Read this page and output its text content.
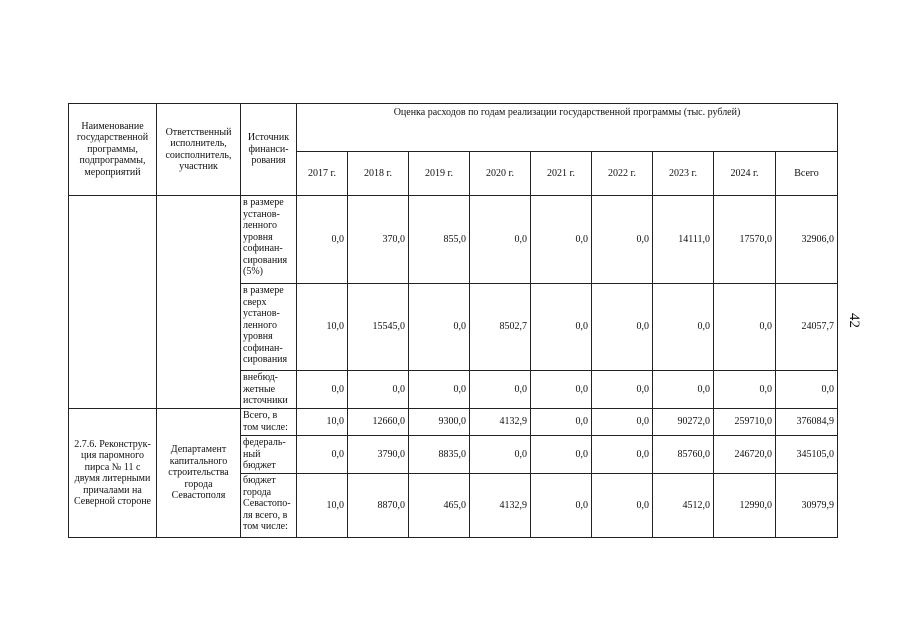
42
Наименование государственной программы, подпрограммы, мероприятий	Ответственный исполнитель, соисполнитель, участник	Источник финанси-рования	Оценка расходов по годам реализации государственной программы (тыс. рублей)								
			2017 г.	2018 г.	2019 г.	2020 г.	2021 г.	2022 г.	2023 г.	2024 г.	Всего
		в размере установ-ленного уровня софинан-сирования (5%)	0,0	370,0	855,0	0,0	0,0	0,0	14111,0	17570,0	32906,0
		в размере сверх установ-ленного уровня софинан-сирования	10,0	15545,0	0,0	8502,7	0,0	0,0	0,0	0,0	24057,7
		внебюд-жетные источники	0,0	0,0	0,0	0,0	0,0	0,0	0,0	0,0	0,0
2.7.6. Реконструк-ция паромного пирса № 11 с двумя литерными причалами на Северной стороне	Департамент капитального строительства города Севастополя	Всего, в том числе:	10,0	12660,0	9300,0	4132,9	0,0	0,0	90272,0	259710,0	376084,9
		федераль-ный бюджет	0,0	3790,0	8835,0	0,0	0,0	0,0	85760,0	246720,0	345105,0
		бюджет города Севастопо-ля всего, в том числе:	10,0	8870,0	465,0	4132,9	0,0	0,0	4512,0	12990,0	30979,9
